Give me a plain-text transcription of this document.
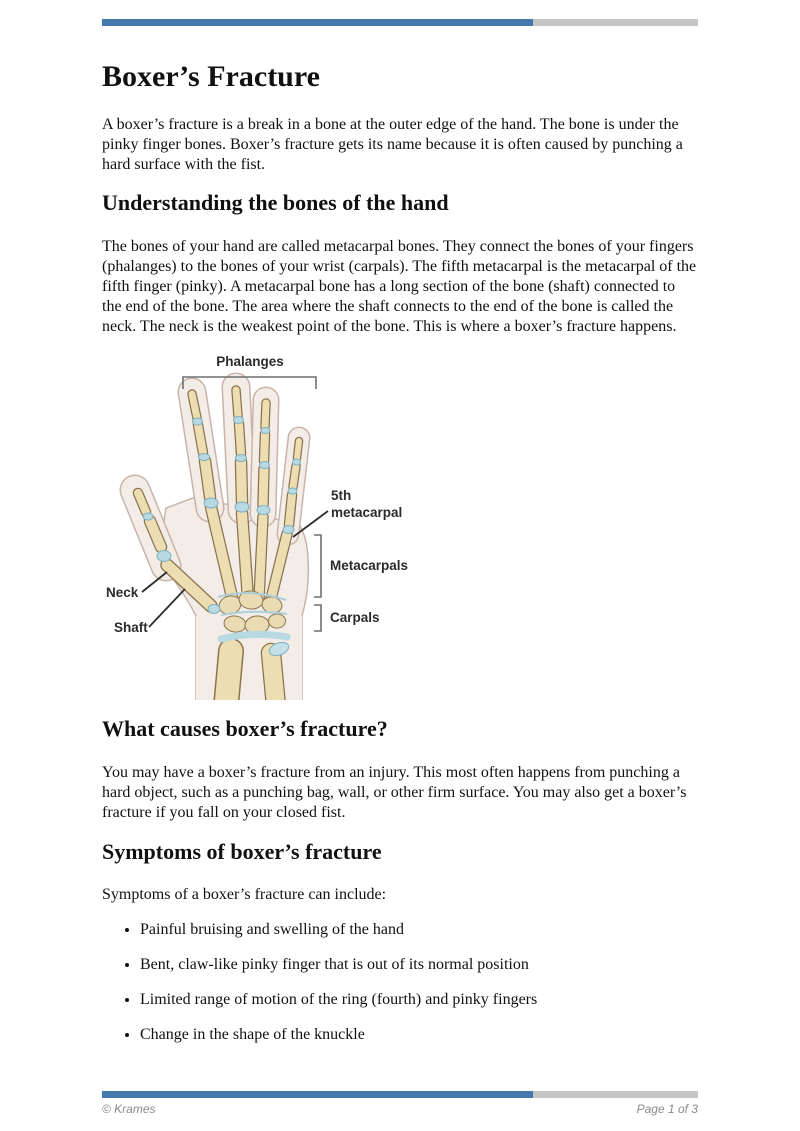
Boxer’s Fracture

A boxer’s fracture is a break in a bone at the outer edge of the hand. The bone is under the pinky finger bones. Boxer’s fracture gets its name because it is often caused by punching a hard surface with the fist.

Understanding the bones of the hand

The bones of your hand are called metacarpal bones. They connect the bones of your fingers (phalanges) to the bones of your wrist (carpals). The fifth metacarpal is the metacarpal of the fifth finger (pinky). A metacarpal bone has a long section of the bone (shaft) connected to the end of the bone. The area where the shaft connects to the end of the bone is called the neck. The neck is the weakest point of the bone. This is where a boxer’s fracture happens.

Phalanges
5th
metacarpal
Metacarpals
Carpals
Neck
Shaft
What causes boxer’s fracture?

You may have a boxer’s fracture from an injury. This most often happens from punching a hard object, such as a punching bag, wall, or other firm surface. You may also get a boxer’s fracture if you fall on your closed fist.

Symptoms of boxer’s fracture

Symptoms of a boxer’s fracture can include:

• Painful bruising and swelling of the hand
• Bent, claw-like pinky finger that is out of its normal position
• Limited range of motion of the ring (fourth) and pinky fingers
• Change in the shape of the knuckle
© Krames	Page 1 of 3
